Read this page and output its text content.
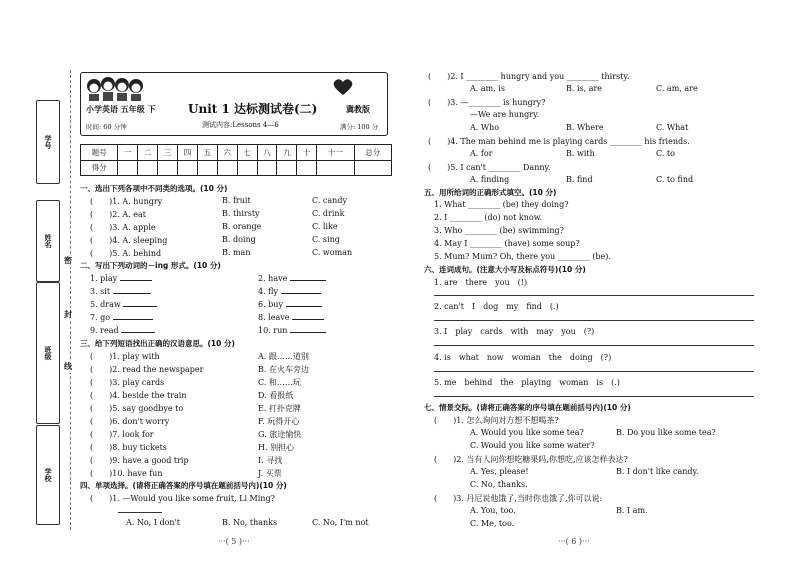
学号
姓名
班级
学校
密
封
线
小学英语 五年级 下	Unit 1 达标测试卷(二)	冀教版
时间: 60 分钟	测试内容:Lessons 4—6	满分: 100 分
题号	一	二	三	四	五	六	七	八	九	十	十一	总分
得分												
一、选出下列各项中不同类的选项。(10 分)
(　　)1. A. hungry	B. fruit	C. candy
(　　)2. A. eat	B. thirsty	C. drink
(　　)3. A. apple	B. orange	C. like
(　　)4. A. sleeping	B. doing	C. sing
(　　)5. A. behind	B. man	C. woman
二、写出下列动词的－ing 形式。(10 分)
1. play	2. have
3. sit	4. fly
5. draw	6. buy
7. go	8. leave
9. read	10. run
三、给下列短语找出正确的汉语意思。(10 分)
(　　)1. play with	A. 跟……道别
(　　)2. read the newspaper	B. 在火车旁边
(　　)3. play cards	C. 和……玩
(　　)4. beside the train	D. 看报纸
(　　)5. say goodbye to	E. 打扑克牌
(　　)6. don't worry	F. 玩得开心
(　　)7. look for	G. 旅途愉快
(　　)8. buy tickets	H. 别担心
(　　)9. have a good trip	I. 寻找
(　　)10. have fun	J. 买票
四、单项选择。(请将正确答案的序号填在题前括号内)(10 分)
(　　)1. —Would you like some fruit, Li Ming?
A. No, I don't	B. No, thanks	C. No, I'm not
···( 5 )···
(　　)2. I ________ hungry and you ________ thirsty.
A. am, is	B. is, are	C. am, are
(　　)3. —________ is hungry?
—We are hungry.
A. Who	B. Where	C. What
(　　)4. The man behind me is playing cards ________ his friends.
A. for	B. with	C. to
(　　)5. I can't ________ Danny.
A. finding	B. find	C. to find
五、用所给词的正确形式填空。(10 分)
1. What ________ (be) they doing?
2. I ________ (do) not know.
3. Who ________ (be) swimming?
4. May I ________ (have) some soup?
5. Mum? Mum? Oh, there you ________ (be).
六、连词成句。(注意大小写及标点符号)(10 分)
1. are　there　you　(!)
2. can't　I　dog　my　find　(.)
3. I　play　cards　with　may　you　(?)
4. is　what　now　woman　the　doing　(?)
5. me　behind　the　playing　woman　is　(.)
七、情景交际。(请将正确答案的序号填在题前括号内)(10 分)
(　　)1. 怎么询问对方想不想喝茶?
A. Would you like some tea?	B. Do you like some tea?
C. Would you like some water?
(　　)2. 当有人问你想吃糖果吗,你想吃,应该怎样表达?
A. Yes, please!	B. I don't like candy.
C. No, thanks.
(　　)3. 丹尼说他饿了,当时你也饿了,你可以说:
A. You, too.	B. I am.
C. Me, too.
···( 6 )···
